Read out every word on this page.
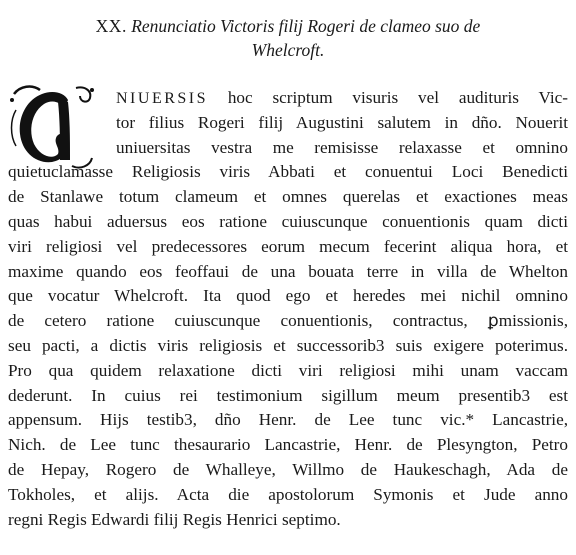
XX. Renunciatio Victoris filij Rogeri de clameo suo de
Whelcroft.
NIUERSIS hoc scriptum visuris vel audituris Vic-
tor filius Rogeri filij Augustini salutem in dño. Nouerit
uniuersitas vestra me remisisse relaxasse et omnino
quietuclamasse Religiosis viris Abbati et conuentui Loci Benedicti
de Stanlawe totum clameum et omnes querelas et exactiones meas
quas habui aduersus eos ratione cuiuscunque conuentionis quam dicti
viri religiosi vel predecessores eorum mecum fecerint aliqua hora, et
maxime quando eos feoffaui de una bouata terre in villa de Whelton
que vocatur Whelcroft. Ita quod ego et heredes mei nichil omnino
de cetero ratione cuiuscunque conuentionis, contractus, ꝑmissionis,
seu pacti, a dictis viris religiosis et successorib3 suis exigere poterimus.
Pro qua quidem relaxatione dicti viri religiosi mihi unam vaccam
dederunt. In cuius rei testimonium sigillum meum presentib3 est
appensum. Hijs testib3, dño Henr. de Lee tunc vic.* Lancastrie,
Nich. de Lee tunc thesaurario Lancastrie, Henr. de Plesyngton, Petro
de Hepay, Rogero de Whalleye, Willmo de Haukeschagh, Ada de
Tokholes, et alijs. Acta die apostolorum Symonis et Jude anno
regni Regis Edwardi filij Regis Henrici septimo.
